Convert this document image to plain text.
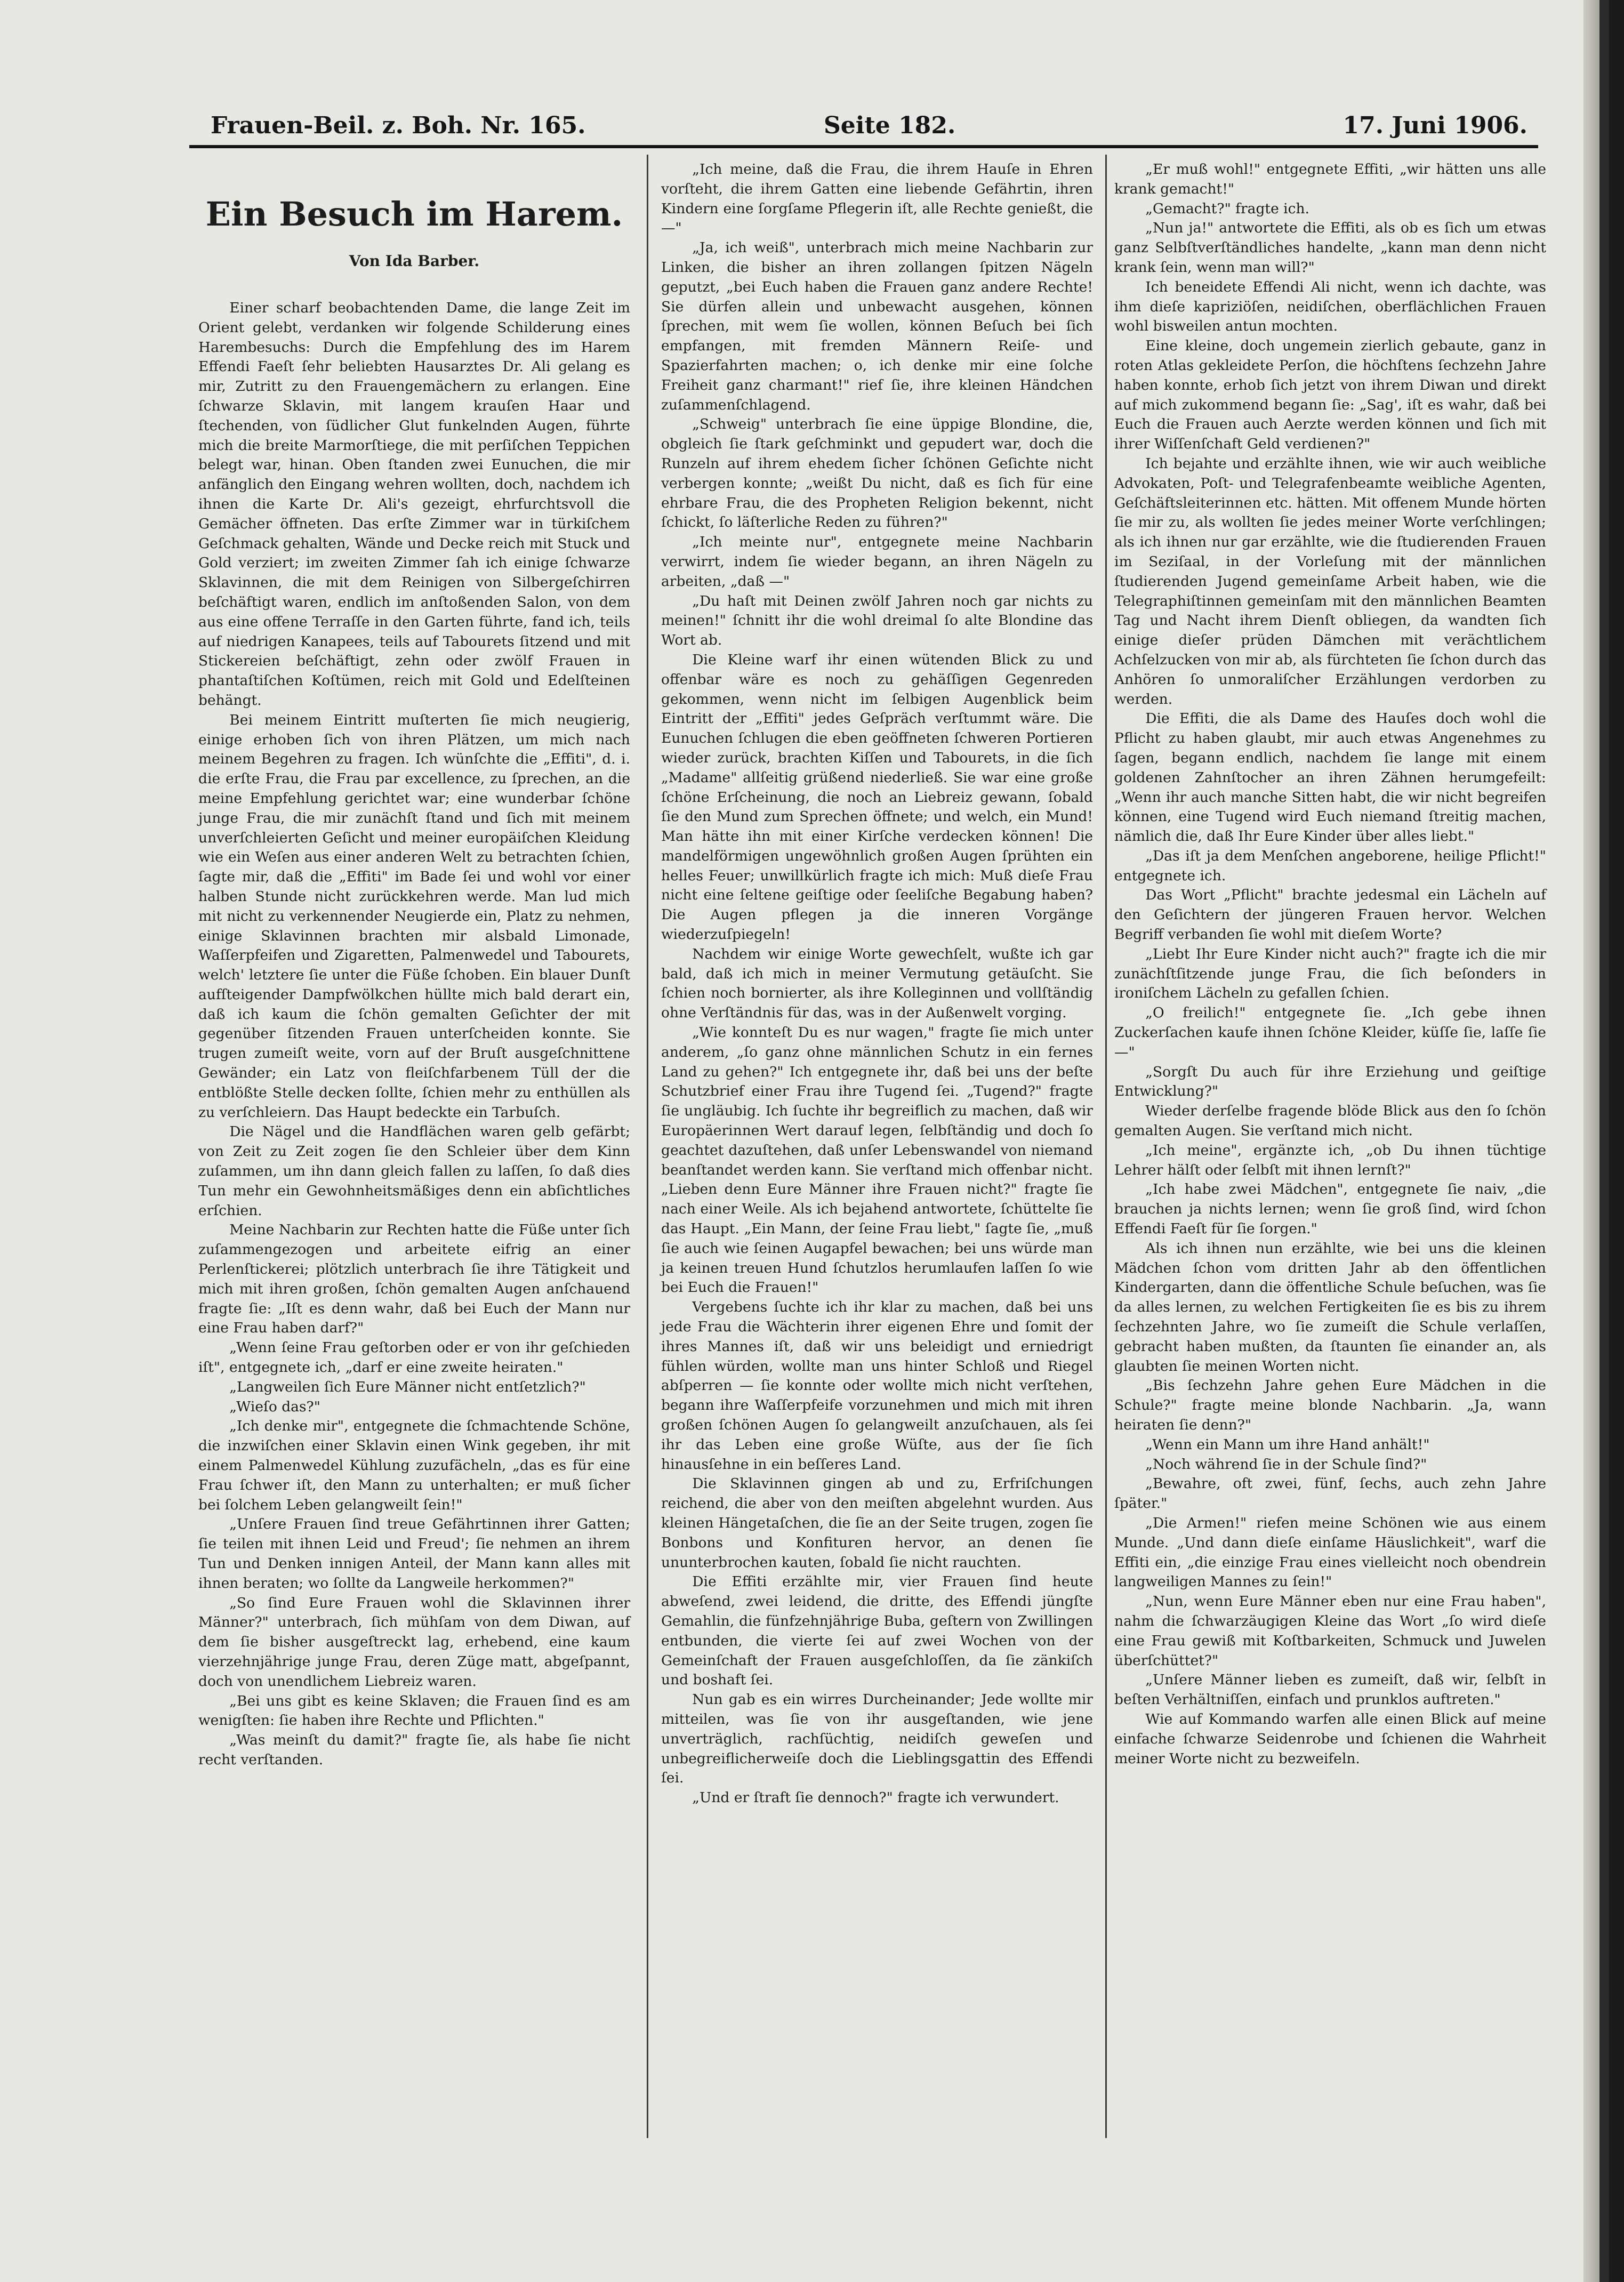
Frauen-Beil. z. Boh. Nr. 165.	Seite 182.	17. Juni 1906.
Ein Besuch im Harem.
Von Ida Barber.

Einer scharf beobachtenden Dame, die lange Zeit im Orient gelebt, verdanken wir folgende Schilderung eines Harembesuchs: Durch die Empfehlung des im Harem Effendi Faeſt ſehr beliebten Hausarztes Dr. Ali gelang es mir, Zutritt zu den Frauengemächern zu erlangen. Eine ſchwarze Sklavin, mit langem krauſen Haar und ſtechenden, von ſüdlicher Glut funkelnden Augen, führte mich die breite Marmorſtiege, die mit perſiſchen Teppichen belegt war, hinan. Oben ſtanden zwei Eunuchen, die mir anfänglich den Eingang wehren wollten, doch, nachdem ich ihnen die Karte Dr. Ali's gezeigt, ehrfurchtsvoll die Gemächer öffneten. Das erſte Zimmer war in türkiſchem Geſchmack gehalten, Wände und Decke reich mit Stuck und Gold verziert; im zweiten Zimmer ſah ich einige ſchwarze Sklavinnen, die mit dem Reinigen von Silbergeſchirren beſchäftigt waren, endlich im anſtoßenden Salon, von dem aus eine offene Terraſſe in den Garten führte, fand ich, teils auf niedrigen Kanapees, teils auf Tabourets ſitzend und mit Stickereien beſchäftigt, zehn oder zwölf Frauen in phantaſtiſchen Koſtümen, reich mit Gold und Edelſteinen behängt.

Bei meinem Eintritt muſterten ſie mich neugierig, einige erhoben ſich von ihren Plätzen, um mich nach meinem Begehren zu fragen. Ich wünſchte die „Effiti", d. i. die erſte Frau, die Frau par excellence, zu ſprechen, an die meine Empfehlung gerichtet war; eine wunderbar ſchöne junge Frau, die mir zunächſt ſtand und ſich mit meinem unverſchleierten Geſicht und meiner europäiſchen Kleidung wie ein Weſen aus einer anderen Welt zu betrachten ſchien, ſagte mir, daß die „Effiti" im Bade ſei und wohl vor einer halben Stunde nicht zurückkehren werde. Man lud mich mit nicht zu verkennender Neugierde ein, Platz zu nehmen, einige Sklavinnen brachten mir alsbald Limonade, Waſſerpfeifen und Zigaretten, Palmenwedel und Tabourets, welch' letztere ſie unter die Füße ſchoben. Ein blauer Dunſt aufſteigender Dampfwölkchen hüllte mich bald derart ein, daß ich kaum die ſchön gemalten Geſichter der mit gegenüber ſitzenden Frauen unterſcheiden konnte. Sie trugen zumeiſt weite, vorn auf der Bruſt ausgeſchnittene Gewänder; ein Latz von fleiſchfarbenem Tüll der die entblößte Stelle decken ſollte, ſchien mehr zu enthüllen als zu verſchleiern. Das Haupt bedeckte ein Tarbuſch.

Die Nägel und die Handflächen waren gelb gefärbt; von Zeit zu Zeit zogen ſie den Schleier über dem Kinn zuſammen, um ihn dann gleich fallen zu laſſen, ſo daß dies Tun mehr ein Gewohnheitsmäßiges denn ein abſichtliches erſchien.

Meine Nachbarin zur Rechten hatte die Füße unter ſich zuſammengezogen und arbeitete eifrig an einer Perlenſtickerei; plötzlich unterbrach ſie ihre Tätigkeit und mich mit ihren großen, ſchön gemalten Augen anſchauend fragte ſie: „Iſt es denn wahr, daß bei Euch der Mann nur eine Frau haben darf?"

„Wenn ſeine Frau geſtorben oder er von ihr geſchieden iſt", entgegnete ich, „darf er eine zweite heiraten."

„Langweilen ſich Eure Männer nicht entſetzlich?"

„Wieſo das?"

„Ich denke mir", entgegnete die ſchmachtende Schöne, die inzwiſchen einer Sklavin einen Wink gegeben, ihr mit einem Palmenwedel Kühlung zuzufächeln, „das es für eine Frau ſchwer iſt, den Mann zu unterhalten; er muß ſicher bei ſolchem Leben gelangweilt ſein!"

„Unſere Frauen ſind treue Gefährtinnen ihrer Gatten; ſie teilen mit ihnen Leid und Freud'; ſie nehmen an ihrem Tun und Denken innigen Anteil, der Mann kann alles mit ihnen beraten; wo ſollte da Langweile herkommen?"

„So ſind Eure Frauen wohl die Sklavinnen ihrer Männer?" unterbrach, ſich mühſam von dem Diwan, auf dem ſie bisher ausgeſtreckt lag, erhebend, eine kaum vierzehnjährige junge Frau, deren Züge matt, abgeſpannt, doch von unendlichem Liebreiz waren.

„Bei uns gibt es keine Sklaven; die Frauen ſind es am wenigſten: ſie haben ihre Rechte und Pflichten."

„Was meinſt du damit?" fragte ſie, als habe ſie nicht recht verſtanden.

„Ich meine, daß die Frau, die ihrem Hauſe in Ehren vorſteht, die ihrem Gatten eine liebende Gefährtin, ihren Kindern eine ſorgſame Pflegerin iſt, alle Rechte genießt, die —"

„Ja, ich weiß", unterbrach mich meine Nachbarin zur Linken, die bisher an ihren zollangen ſpitzen Nägeln geputzt, „bei Euch haben die Frauen ganz andere Rechte! Sie dürfen allein und unbewacht ausgehen, können ſprechen, mit wem ſie wollen, können Beſuch bei ſich empfangen, mit fremden Männern Reiſe- und Spazierfahrten machen; o, ich denke mir eine ſolche Freiheit ganz charmant!" rief ſie, ihre kleinen Händchen zuſammenſchlagend.

„Schweig" unterbrach ſie eine üppige Blondine, die, obgleich ſie ſtark geſchminkt und gepudert war, doch die Runzeln auf ihrem ehedem ſicher ſchönen Geſichte nicht verbergen konnte; „weißt Du nicht, daß es ſich für eine ehrbare Frau, die des Propheten Religion bekennt, nicht ſchickt, ſo läſterliche Reden zu führen?"

„Ich meinte nur", entgegnete meine Nachbarin verwirrt, indem ſie wieder begann, an ihren Nägeln zu arbeiten, „daß —"

„Du haſt mit Deinen zwölf Jahren noch gar nichts zu meinen!" ſchnitt ihr die wohl dreimal ſo alte Blondine das Wort ab.

Die Kleine warf ihr einen wütenden Blick zu und offenbar wäre es noch zu gehäſſigen Gegenreden gekommen, wenn nicht im ſelbigen Augenblick beim Eintritt der „Effiti" jedes Geſpräch verſtummt wäre. Die Eunuchen ſchlugen die eben geöffneten ſchweren Portieren wieder zurück, brachten Kiſſen und Tabourets, in die ſich „Madame" allſeitig grüßend niederließ. Sie war eine große ſchöne Erſcheinung, die noch an Liebreiz gewann, ſobald ſie den Mund zum Sprechen öffnete; und welch, ein Mund! Man hätte ihn mit einer Kirſche verdecken können! Die mandelförmigen ungewöhnlich großen Augen ſprühten ein helles Feuer; unwillkürlich fragte ich mich: Muß dieſe Frau nicht eine ſeltene geiſtige oder ſeeliſche Begabung haben? Die Augen pflegen ja die inneren Vorgänge wiederzuſpiegeln!

Nachdem wir einige Worte gewechſelt, wußte ich gar bald, daß ich mich in meiner Vermutung getäuſcht. Sie ſchien noch bornierter, als ihre Kolleginnen und vollſtändig ohne Verſtändnis für das, was in der Außenwelt vorging.

„Wie konnteſt Du es nur wagen," fragte ſie mich unter anderem, „ſo ganz ohne männlichen Schutz in ein fernes Land zu gehen?" Ich entgegnete ihr, daß bei uns der beſte Schutzbrief einer Frau ihre Tugend ſei. „Tugend?" fragte ſie ungläubig. Ich ſuchte ihr begreiflich zu machen, daß wir Europäerinnen Wert darauf legen, ſelbſtändig und doch ſo geachtet dazuſtehen, daß unſer Lebenswandel von niemand beanſtandet werden kann. Sie verſtand mich offenbar nicht. „Lieben denn Eure Männer ihre Frauen nicht?" fragte ſie nach einer Weile. Als ich bejahend antwortete, ſchüttelte ſie das Haupt. „Ein Mann, der ſeine Frau liebt," ſagte ſie, „muß ſie auch wie ſeinen Augapfel bewachen; bei uns würde man ja keinen treuen Hund ſchutzlos herumlaufen laſſen ſo wie bei Euch die Frauen!"

Vergebens ſuchte ich ihr klar zu machen, daß bei uns jede Frau die Wächterin ihrer eigenen Ehre und ſomit der ihres Mannes iſt, daß wir uns beleidigt und erniedrigt fühlen würden, wollte man uns hinter Schloß und Riegel abſperren — ſie konnte oder wollte mich nicht verſtehen, begann ihre Waſſerpfeife vorzunehmen und mich mit ihren großen ſchönen Augen ſo gelangweilt anzuſchauen, als ſei ihr das Leben eine große Wüſte, aus der ſie ſich hinausſehne in ein beſſeres Land.

Die Sklavinnen gingen ab und zu, Erfriſchungen reichend, die aber von den meiſten abgelehnt wurden. Aus kleinen Hängetaſchen, die ſie an der Seite trugen, zogen ſie Bonbons und Konfituren hervor, an denen ſie ununterbrochen kauten, ſobald ſie nicht rauchten.

Die Effiti erzählte mir, vier Frauen ſind heute abweſend, zwei leidend, die dritte, des Effendi jüngſte Gemahlin, die fünfzehnjährige Buba, geſtern von Zwillingen entbunden, die vierte ſei auf zwei Wochen von der Gemeinſchaft der Frauen ausgeſchloſſen, da ſie zänkiſch und boshaft ſei.

Nun gab es ein wirres Durcheinander; Jede wollte mir mitteilen, was ſie von ihr ausgeſtanden, wie jene unverträglich, rachſüchtig, neidiſch geweſen und unbegreiflicherweiſe doch die Lieblingsgattin des Effendi ſei.

„Und er ſtraft ſie dennoch?" fragte ich verwundert.

„Er muß wohl!" entgegnete Effiti, „wir hätten uns alle krank gemacht!"

„Gemacht?" fragte ich.

„Nun ja!" antwortete die Effiti, als ob es ſich um etwas ganz Selbſtverſtändliches handelte, „kann man denn nicht krank ſein, wenn man will?"

Ich beneidete Effendi Ali nicht, wenn ich dachte, was ihm dieſe kapriziöſen, neidiſchen, oberflächlichen Frauen wohl bisweilen antun mochten.

Eine kleine, doch ungemein zierlich gebaute, ganz in roten Atlas gekleidete Perſon, die höchſtens ſechzehn Jahre haben konnte, erhob ſich jetzt von ihrem Diwan und direkt auf mich zukommend begann ſie: „Sag', iſt es wahr, daß bei Euch die Frauen auch Aerzte werden können und ſich mit ihrer Wiſſenſchaft Geld verdienen?"

Ich bejahte und erzählte ihnen, wie wir auch weibliche Advokaten, Poſt- und Telegrafenbeamte weibliche Agenten, Geſchäftsleiterinnen etc. hätten. Mit offenem Munde hörten ſie mir zu, als wollten ſie jedes meiner Worte verſchlingen; als ich ihnen nur gar erzählte, wie die ſtudierenden Frauen im Seziſaal, in der Vorleſung mit der männlichen ſtudierenden Jugend gemeinſame Arbeit haben, wie die Telegraphiſtinnen gemeinſam mit den männlichen Beamten Tag und Nacht ihrem Dienſt obliegen, da wandten ſich einige dieſer prüden Dämchen mit verächtlichem Achſelzucken von mir ab, als fürchteten ſie ſchon durch das Anhören ſo unmoraliſcher Erzählungen verdorben zu werden.

Die Effiti, die als Dame des Hauſes doch wohl die Pflicht zu haben glaubt, mir auch etwas Angenehmes zu ſagen, begann endlich, nachdem ſie lange mit einem goldenen Zahnſtocher an ihren Zähnen herumgefeilt: „Wenn ihr auch manche Sitten habt, die wir nicht begreifen können, eine Tugend wird Euch niemand ſtreitig machen, nämlich die, daß Ihr Eure Kinder über alles liebt."

„Das iſt ja dem Menſchen angeborene, heilige Pflicht!" entgegnete ich.

Das Wort „Pflicht" brachte jedesmal ein Lächeln auf den Geſichtern der jüngeren Frauen hervor. Welchen Begriff verbanden ſie wohl mit dieſem Worte?

„Liebt Ihr Eure Kinder nicht auch?" fragte ich die mir zunächſtſitzende junge Frau, die ſich beſonders in ironiſchem Lächeln zu gefallen ſchien.

„O freilich!" entgegnete ſie. „Ich gebe ihnen Zuckerſachen kaufe ihnen ſchöne Kleider, küſſe ſie, laſſe ſie —"

„Sorgſt Du auch für ihre Erziehung und geiſtige Entwicklung?"

Wieder derſelbe fragende blöde Blick aus den ſo ſchön gemalten Augen. Sie verſtand mich nicht.

„Ich meine", ergänzte ich, „ob Du ihnen tüchtige Lehrer hälſt oder ſelbſt mit ihnen lernſt?"

„Ich habe zwei Mädchen", entgegnete ſie naiv, „die brauchen ja nichts lernen; wenn ſie groß ſind, wird ſchon Effendi Faeſt für ſie ſorgen."

Als ich ihnen nun erzählte, wie bei uns die kleinen Mädchen ſchon vom dritten Jahr ab den öffentlichen Kindergarten, dann die öffentliche Schule beſuchen, was ſie da alles lernen, zu welchen Fertigkeiten ſie es bis zu ihrem ſechzehnten Jahre, wo ſie zumeiſt die Schule verlaſſen, gebracht haben mußten, da ſtaunten ſie einander an, als glaubten ſie meinen Worten nicht.

„Bis ſechzehn Jahre gehen Eure Mädchen in die Schule?" fragte meine blonde Nachbarin. „Ja, wann heiraten ſie denn?"

„Wenn ein Mann um ihre Hand anhält!"

„Noch während ſie in der Schule ſind?"

„Bewahre, oft zwei, fünf, ſechs, auch zehn Jahre ſpäter."

„Die Armen!" riefen meine Schönen wie aus einem Munde. „Und dann dieſe einſame Häuslichkeit", warf die Effiti ein, „die einzige Frau eines vielleicht noch obendrein langweiligen Mannes zu ſein!"

„Nun, wenn Eure Männer eben nur eine Frau haben", nahm die ſchwarzäugigen Kleine das Wort „ſo wird dieſe eine Frau gewiß mit Koſtbarkeiten, Schmuck und Juwelen überſchüttet?"

„Unſere Männer lieben es zumeiſt, daß wir, ſelbſt in beſten Verhältniſſen, einfach und prunklos auftreten."

Wie auf Kommando warfen alle einen Blick auf meine einfache ſchwarze Seidenrobe und ſchienen die Wahrheit meiner Worte nicht zu bezweifeln.
